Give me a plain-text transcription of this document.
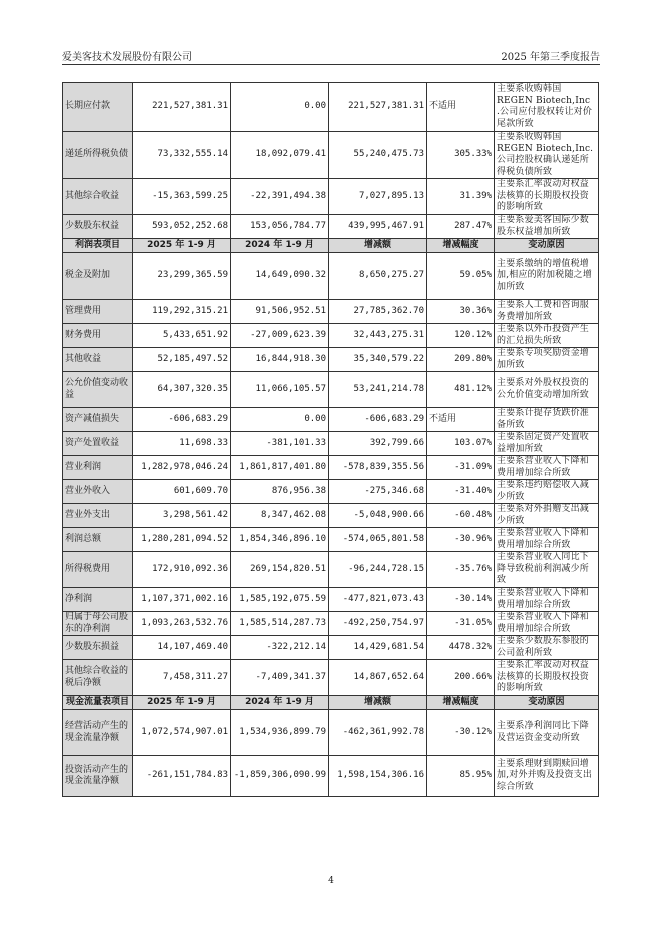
爱美客技术发展股份有限公司	2025 年第三季度报告
长期应付款	221,527,381.31	0.00	221,527,381.31	不适用	主要系收购韩国 REGEN Biotech,Inc .公司应付股权转让对价尾款所致
递延所得税负债	73,332,555.14	18,092,079.41	55,240,475.73	305.33%	主要系收购韩国 REGEN Biotech,Inc. 公司控股权确认递延所得税负债所致
其他综合收益	-15,363,599.25	-22,391,494.38	7,027,895.13	31.39%	主要系汇率波动对权益法核算的长期股权投资的影响所致
少数股东权益	593,052,252.68	153,056,784.77	439,995,467.91	287.47%	主要系爱美客国际少数股东权益增加所致
利润表项目	2025 年 1-9 月	2024 年 1-9 月	增减额	增减幅度	变动原因
税金及附加	23,299,365.59	14,649,090.32	8,650,275.27	59.05%	主要系缴纳的增值税增加,相应的附加税随之增加所致
管理费用	119,292,315.21	91,506,952.51	27,785,362.70	30.36%	主要系人工费和咨询服务费增加所致
财务费用	5,433,651.92	-27,009,623.39	32,443,275.31	120.12%	主要系以外币投资产生的汇兑损失所致
其他收益	52,185,497.52	16,844,918.30	35,340,579.22	209.80%	主要系专项奖励资金增加所致
公允价值变动收益	64,307,320.35	11,066,105.57	53,241,214.78	481.12%	主要系对外股权投资的公允价值变动增加所致
资产减值损失	-606,683.29	0.00	-606,683.29	不适用	主要系计提存货跌价准备所致
资产处置收益	11,698.33	-381,101.33	392,799.66	103.07%	主要系固定资产处置收益增加所致
营业利润	1,282,978,046.24	1,861,817,401.80	-578,839,355.56	-31.09%	主要系营业收入下降和费用增加综合所致
营业外收入	601,609.70	876,956.38	-275,346.68	-31.40%	主要系违约赔偿收入减少所致
营业外支出	3,298,561.42	8,347,462.08	-5,048,900.66	-60.48%	主要系对外捐赠支出减少所致
利润总额	1,280,281,094.52	1,854,346,896.10	-574,065,801.58	-30.96%	主要系营业收入下降和费用增加综合所致
所得税费用	172,910,092.36	269,154,820.51	-96,244,728.15	-35.76%	主要系营业收入同比下降导致税前利润减少所致
净利润	1,107,371,002.16	1,585,192,075.59	-477,821,073.43	-30.14%	主要系营业收入下降和费用增加综合所致
归属于母公司股东的净利润	1,093,263,532.76	1,585,514,287.73	-492,250,754.97	-31.05%	主要系营业收入下降和费用增加综合所致
少数股东损益	14,107,469.40	-322,212.14	14,429,681.54	4478.32%	主要系少数股东参股的公司盈利所致
其他综合收益的税后净额	7,458,311.27	-7,409,341.37	14,867,652.64	200.66%	主要系汇率波动对权益法核算的长期股权投资的影响所致
现金流量表项目	2025 年 1-9 月	2024 年 1-9 月	增减额	增减幅度	变动原因
经营活动产生的现金流量净额	1,072,574,907.01	1,534,936,899.79	-462,361,992.78	-30.12%	主要系净利润同比下降及营运资金变动所致
投资活动产生的现金流量净额	-261,151,784.83	-1,859,306,090.99	1,598,154,306.16	85.95%	主要系理财到期赎回增加,对外并购及投资支出综合所致
4
